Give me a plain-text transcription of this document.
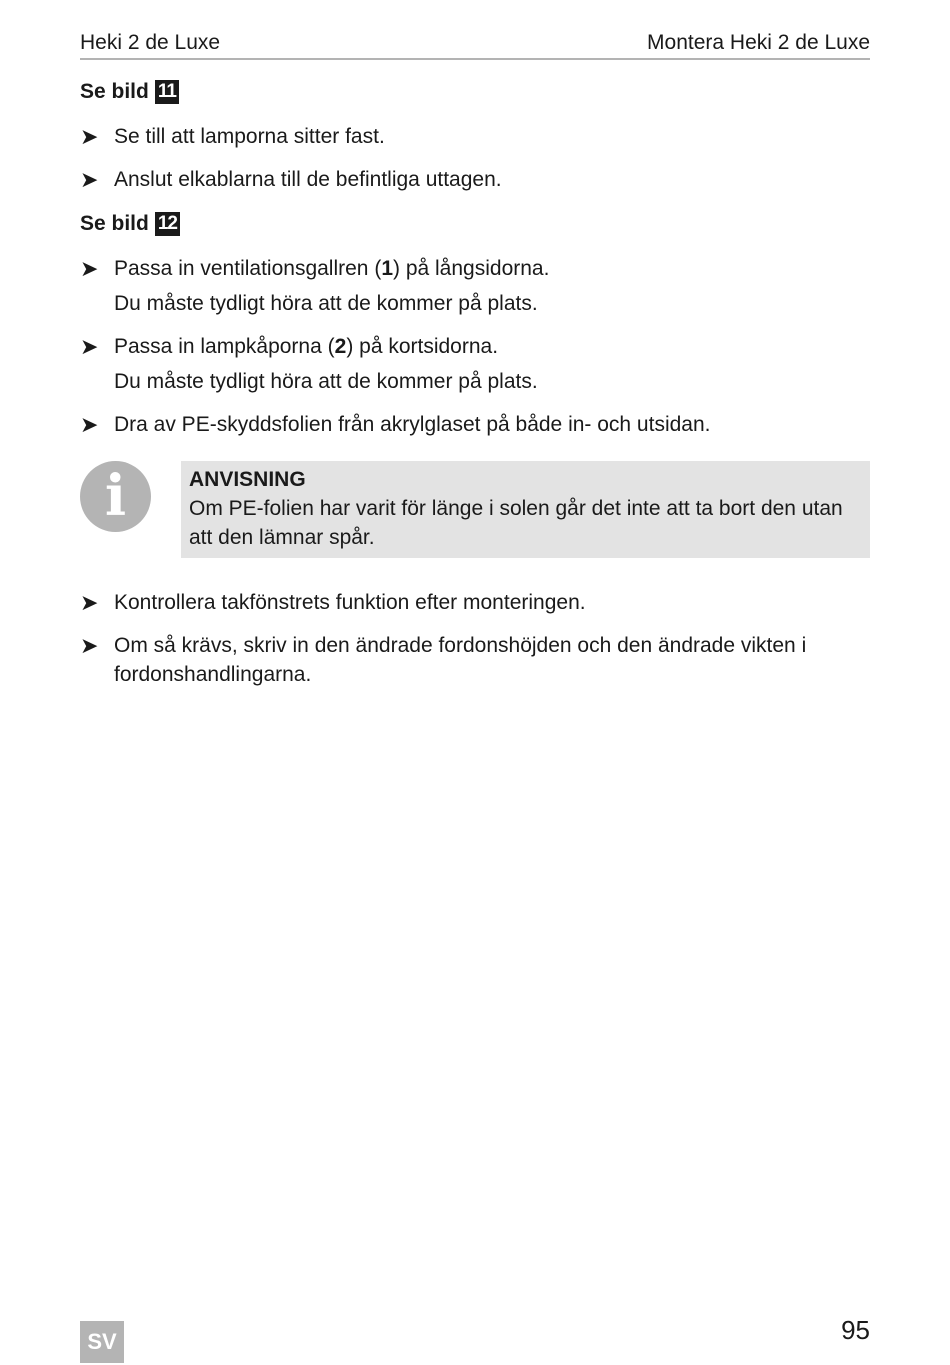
Heki 2 de Luxe	Montera Heki 2 de Luxe
Se bild 11
➤ Se till att lamporna sitter fast.
➤ Anslut elkablarna till de befintliga uttagen.
Se bild 12
➤ Passa in ventilationsgallren (1) på långsidorna.
Du måste tydligt höra att de kommer på plats.
➤ Passa in lampkåporna (2) på kortsidorna.
Du måste tydligt höra att de kommer på plats.
➤ Dra av PE-skyddsfolien från akrylglaset på både in- och utsidan.
i	ANVISNING
Om PE-folien har varit för länge i solen går det inte att ta bort den utan att den lämnar spår.
➤ Kontrollera takfönstrets funktion efter monteringen.
➤ Om så krävs, skriv in den ändrade fordonshöjden och den ändrade vikten i fordonshandlingarna.
SV	95
